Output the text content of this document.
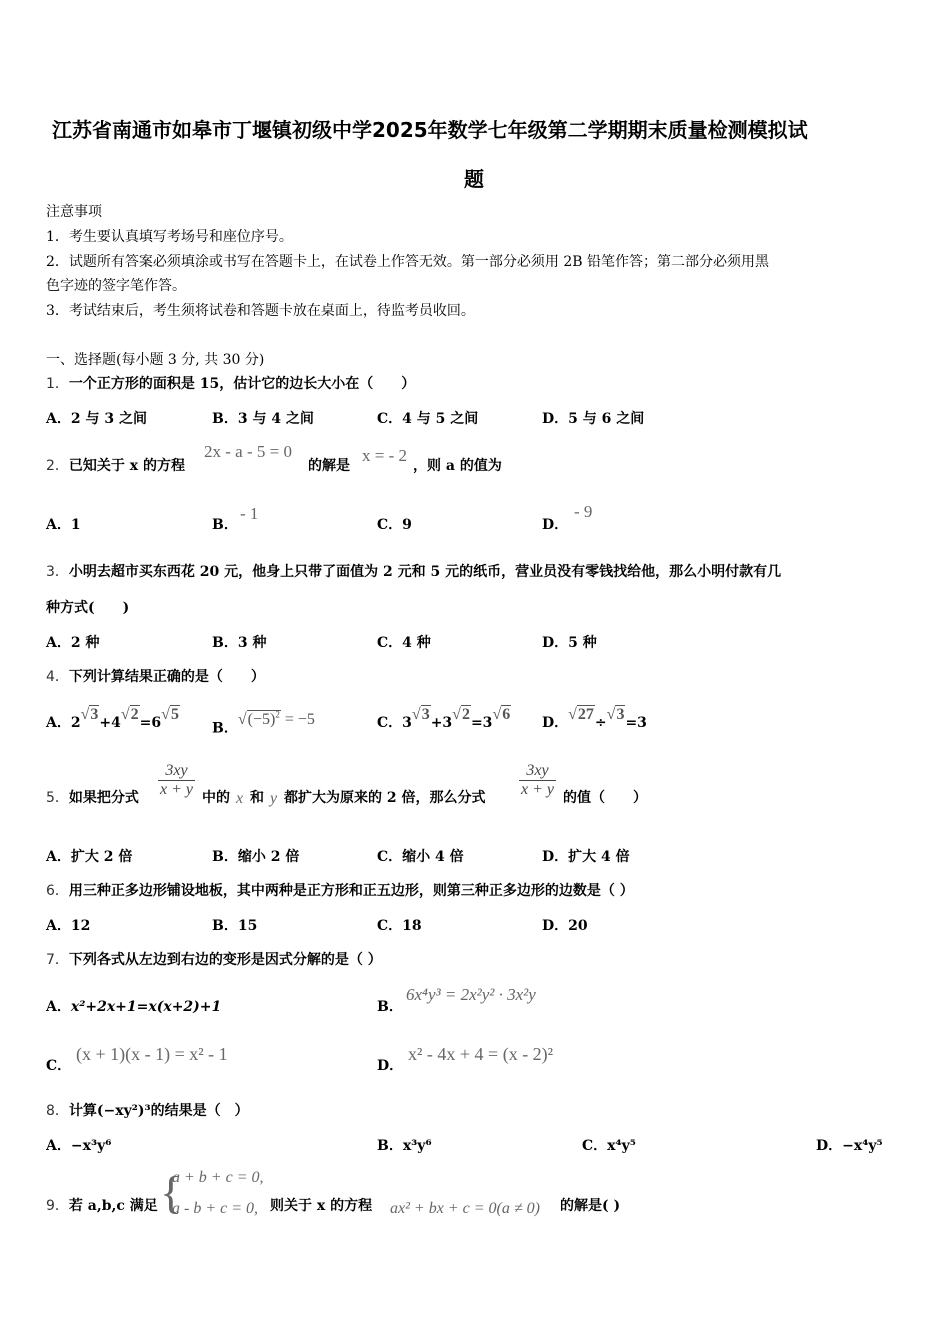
江苏省南通市如皋市丁堰镇初级中学2025年数学七年级第二学期期末质量检测模拟试
题
注意事项
1．考生要认真填写考场号和座位序号。
2．试题所有答案必须填涂或书写在答题卡上，在试卷上作答无效。第一部分必须用 2B 铅笔作答；第二部分必须用黑
色字迹的签字笔作答。
3．考试结束后，考生须将试卷和答题卡放在桌面上，待监考员收回。
一、选择题(每小题 3 分, 共 30 分)
1．一个正方形的面积是 15，估计它的边长大小在（　　）
A．2 与 3 之间	B．3 与 4 之间	C．4 与 5 之间	D．5 与 6 之间
2．已知关于 x 的方程
2x - a - 5 = 0
的解是
x = - 2
，则 a 的值为
A．1	B．
- 1
C．9	D．
- 9
3．小明去超市买东西花 20 元，他身上只带了面值为 2 元和 5 元的纸币，营业员没有零钱找给他，那么小明付款有几
种方式(　　)
A．2 种	B．3 种	C．4 种	D．5 种
4．下列计算结果正确的是（　　）
A．2√3+4√2=6√5
B．$√(-5)^2 = -5$	C．3√3+3√2=3√6 D．√27÷√3=3
5．如果把分式 $\frac{3xy}{x + y}$ 中的 x 和 y 都扩大为原来的 2 倍，那么分式 $\frac{3xy}{x + y}$ 的值（　　）
A．扩大 2 倍	B．缩小 2 倍	C．缩小 4 倍	D．扩大 4 倍
6．用三种正多边形铺设地板，其中两种是正方形和正五边形，则第三种正多边形的边数是（ ）
A．12	B．15	C．18	D．20
7．下列各式从左边到右边的变形是因式分解的是（ ）
A．x²+2x+1=x(x+2)+1	B．
6x⁴y³ = 2x²y² · 3x²y
C．
(x + 1)(x - 1) = x² - 1
D．
x² - 4x + 4 = (x - 2)²
8．计算(−xy²)³的结果是（　）
A．−x³y⁶	B．x³y⁶	C．x⁴y⁵	D．−x⁴y⁵
9．若 a,b,c 满足 {
a + b + c = 0,
a - b + c = 0, 则关于 x 的方程 ax² + bx + c = 0(a ≠ 0) 的解是( )
